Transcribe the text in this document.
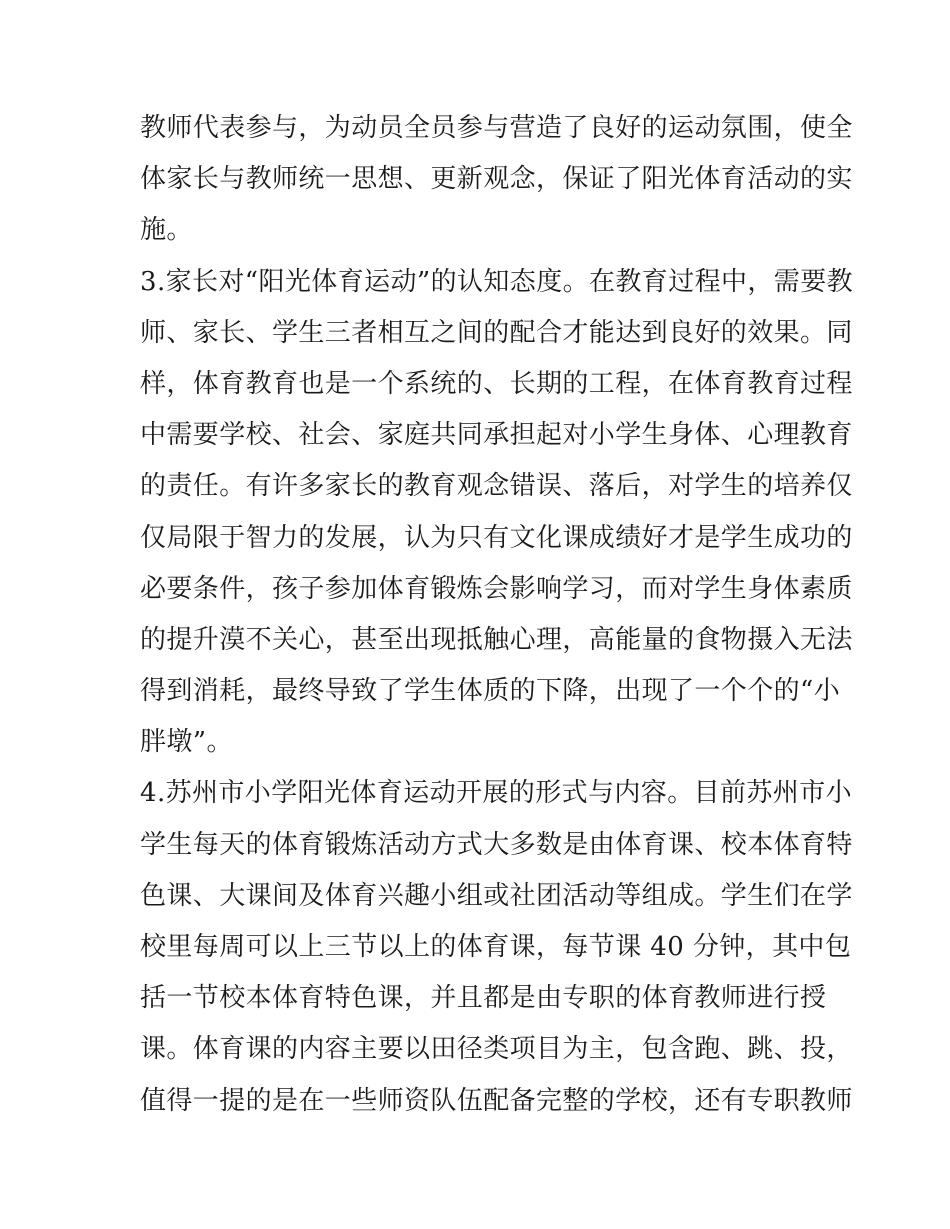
教师代表参与，为动员全员参与营造了良好的运动氛围，使全
体家长与教师统一思想、更新观念，保证了阳光体育活动的实
施。
3.家长对“阳光体育运动”的认知态度。在教育过程中，需要教
师、家长、学生三者相互之间的配合才能达到良好的效果。同
样，体育教育也是一个系统的、长期的工程，在体育教育过程
中需要学校、社会、家庭共同承担起对小学生身体、心理教育
的责任。有许多家长的教育观念错误、落后，对学生的培养仅
仅局限于智力的发展，认为只有文化课成绩好才是学生成功的
必要条件，孩子参加体育锻炼会影响学习，而对学生身体素质
的提升漠不关心，甚至出现抵触心理，高能量的食物摄入无法
得到消耗，最终导致了学生体质的下降，出现了一个个的“小
胖墩”。
4.苏州市小学阳光体育运动开展的形式与内容。目前苏州市小
学生每天的体育锻炼活动方式大多数是由体育课、校本体育特
色课、大课间及体育兴趣小组或社团活动等组成。学生们在学
校里每周可以上三节以上的体育课，每节课 40 分钟，其中包
括一节校本体育特色课，并且都是由专职的体育教师进行授
课。体育课的内容主要以田径类项目为主，包含跑、跳、投，
值得一提的是在一些师资队伍配备完整的学校，还有专职教师
